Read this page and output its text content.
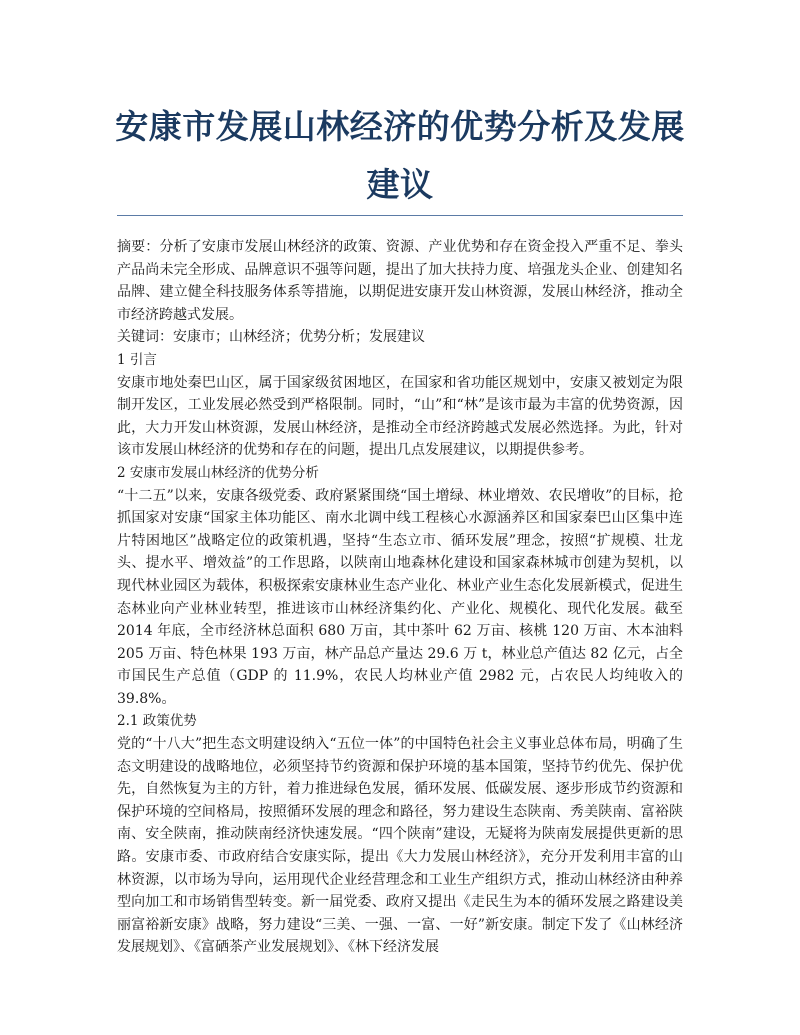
安康市发展山林经济的优势分析及发展建议

摘要：分析了安康市发展山林经济的政策、资源、产业优势和存在资金投入严重不足、拳头产品尚未完全形成、品牌意识不强等问题，提出了加大扶持力度、培强龙头企业、创建知名品牌、建立健全科技服务体系等措施，以期促进安康开发山林资源，发展山林经济，推动全市经济跨越式发展。

关键词：安康市；山林经济；优势分析；发展建议

1 引言

安康市地处秦巴山区，属于国家级贫困地区，在国家和省功能区规划中，安康又被划定为限制开发区，工业发展必然受到严格限制。同时，“山”和“林”是该市最为丰富的优势资源，因此，大力开发山林资源，发展山林经济，是推动全市经济跨越式发展必然选择。为此，针对该市发展山林经济的优势和存在的问题，提出几点发展建议，以期提供参考。

2 安康市发展山林经济的优势分析

“十二五”以来，安康各级党委、政府紧紧围绕“国土增绿、林业增效、农民增收”的目标，抢抓国家对安康“国家主体功能区、南水北调中线工程核心水源涵养区和国家秦巴山区集中连片特困地区”战略定位的政策机遇，坚持“生态立市、循环发展”理念，按照“扩规模、壮龙头、提水平、增效益”的工作思路，以陕南山地森林化建设和国家森林城市创建为契机，以现代林业园区为载体，积极探索安康林业生态产业化、林业产业生态化发展新模式，促进生态林业向产业林业转型，推进该市山林经济集约化、产业化、规模化、现代化发展。截至 2014 年底，全市经济林总面积 680 万亩，其中茶叶 62 万亩、核桃 120 万亩、木本油料 205 万亩、特色林果 193 万亩，林产品总产量达 29.6 万 t，林业总产值达 82 亿元，占全市国民生产总值（GDP 的 11.9%，农民人均林业产值 2982 元，占农民人均纯收入的 39.8%。

2.1 政策优势

党的“十八大”把生态文明建设纳入“五位一体”的中国特色社会主义事业总体布局，明确了生态文明建设的战略地位，必须坚持节约资源和保护环境的基本国策，坚持节约优先、保护优先，自然恢复为主的方针，着力推进绿色发展，循环发展、低碳发展、逐步形成节约资源和保护环境的空间格局，按照循环发展的理念和路径，努力建设生态陕南、秀美陕南、富裕陕南、安全陕南，推动陕南经济快速发展。“四个陕南”建设，无疑将为陕南发展提供更新的思路。安康市委、市政府结合安康实际，提出《大力发展山林经济》，充分开发利用丰富的山林资源，以市场为导向，运用现代企业经营理念和工业生产组织方式，推动山林经济由种养型向加工和市场销售型转变。新一届党委、政府又提出《走民生为本的循环发展之路建设美丽富裕新安康》战略，努力建设“三美、一强、一富、一好”新安康。制定下发了《山林经济发展规划》、《富硒茶产业发展规划》、《林下经济发展
